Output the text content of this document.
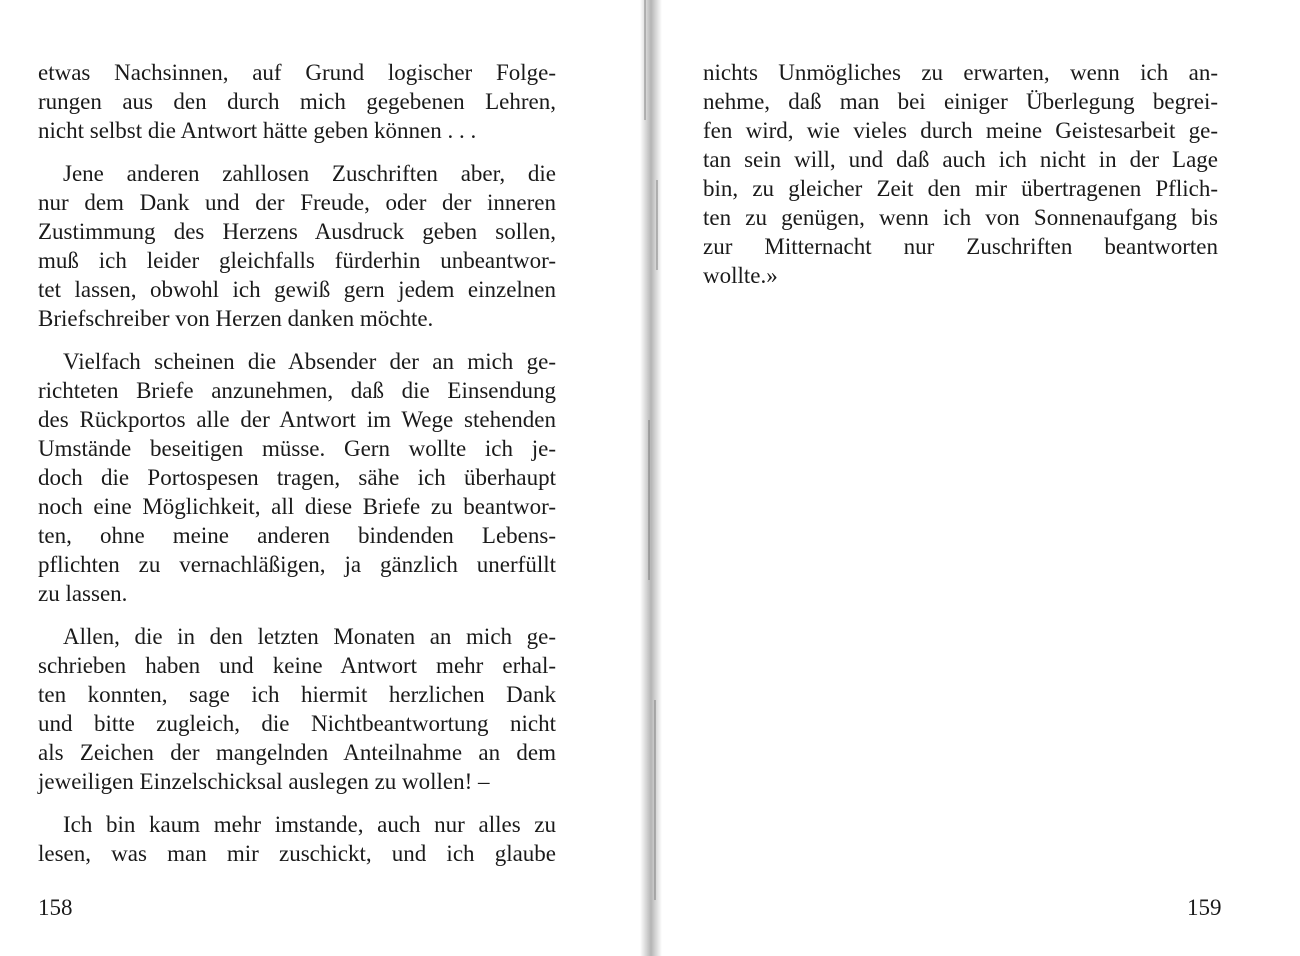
etwas Nachsinnen, auf Grund logischer Folge-
rungen aus den durch mich gegebenen Lehren,
nicht selbst die Antwort hätte geben können . . .

Jene anderen zahllosen Zuschriften aber, die
nur dem Dank und der Freude, oder der inneren
Zustimmung des Herzens Ausdruck geben sollen,
muß ich leider gleichfalls fürderhin unbeantwor-
tet lassen, obwohl ich gewiß gern jedem einzelnen
Briefschreiber von Herzen danken möchte.

Vielfach scheinen die Absender der an mich ge-
richteten Briefe anzunehmen, daß die Einsendung
des Rückportos alle der Antwort im Wege stehenden
Umstände beseitigen müsse. Gern wollte ich je-
doch die Portospesen tragen, sähe ich überhaupt
noch eine Möglichkeit, all diese Briefe zu beantwor-
ten, ohne meine anderen bindenden Lebens-
pflichten zu vernachläßigen, ja gänzlich unerfüllt
zu lassen.

Allen, die in den letzten Monaten an mich ge-
schrieben haben und keine Antwort mehr erhal-
ten konnten, sage ich hiermit herzlichen Dank
und bitte zugleich, die Nichtbeantwortung nicht
als Zeichen der mangelnden Anteilnahme an dem
jeweiligen Einzelschicksal auslegen zu wollen! –

Ich bin kaum mehr imstande, auch nur alles zu
lesen, was man mir zuschickt, und ich glaube

158

nichts Unmögliches zu erwarten, wenn ich an-
nehme, daß man bei einiger Überlegung begrei-
fen wird, wie vieles durch meine Geistesarbeit ge-
tan sein will, und daß auch ich nicht in der Lage
bin, zu gleicher Zeit den mir übertragenen Pflich-
ten zu genügen, wenn ich von Sonnenaufgang bis
zur Mitternacht nur Zuschriften beantworten
wollte.»

159
